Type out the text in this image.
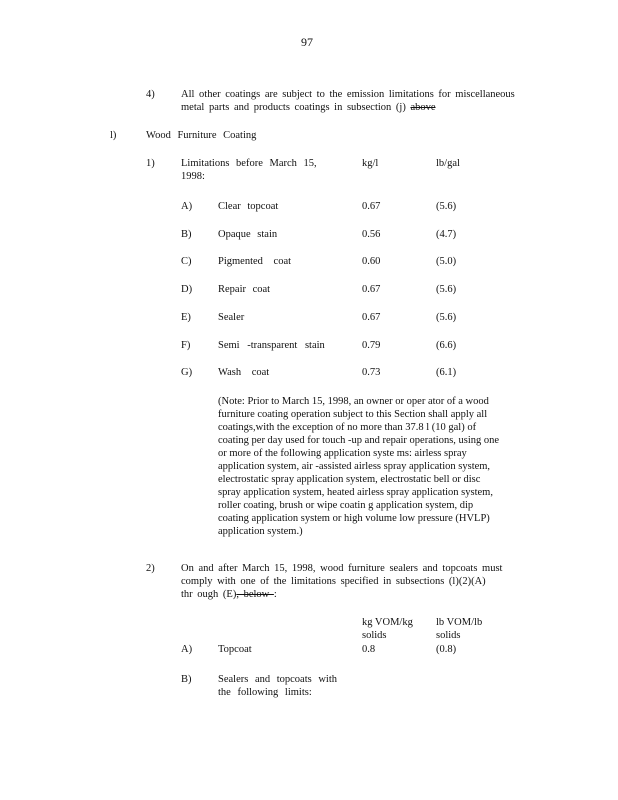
97
4)	All other coatings are subject to the emission limitations for miscellaneous
metal parts and products coatings in subsection (j) above
l)	Wood Furniture Coating
1)	Limitations before March 15,
1998:
kg/l	lb/gal
A) Clear topcoat	0.67	(5.6)
B)	Opaque stain	0.56	(4.7)
C)	Pigmented coat	0.60	(5.0)
D) Repair coat	0.67	(5.6)
E)	Sealer	0.67	(5.6)
F)	Semi -transparent stain	0.79	(6.6)
G) Wash coat	0.73	(6.1)
(Note: Prior to March 15, 1998, an owner or oper ator of a wood
furniture coating operation subject to this Section shall apply all
coatings,with the exception of no more than 37.8 l (10 gal) of
coating per day used for touch -up and repair operations, using one
or more of the following application syste ms: airless spray
application system, air -assisted airless spray application system,
electrostatic spray application system, electrostatic bell or disc
spray application system, heated airless spray application system,
roller coating, brush or wipe coatin g application system, dip
coating application system or high volume low pressure (HVLP)
application system.)
2)	On and after March 15, 1998, wood furniture sealers and topcoats must
comply with one of the limitations specified in subsections (l)(2)(A)
thr ough (E), below :
kg VOM/kg
solids
lb VOM/lb
solids
A) Topcoat	0.8	(0.8)
B)	Sealers and topcoats with
the following limits:
